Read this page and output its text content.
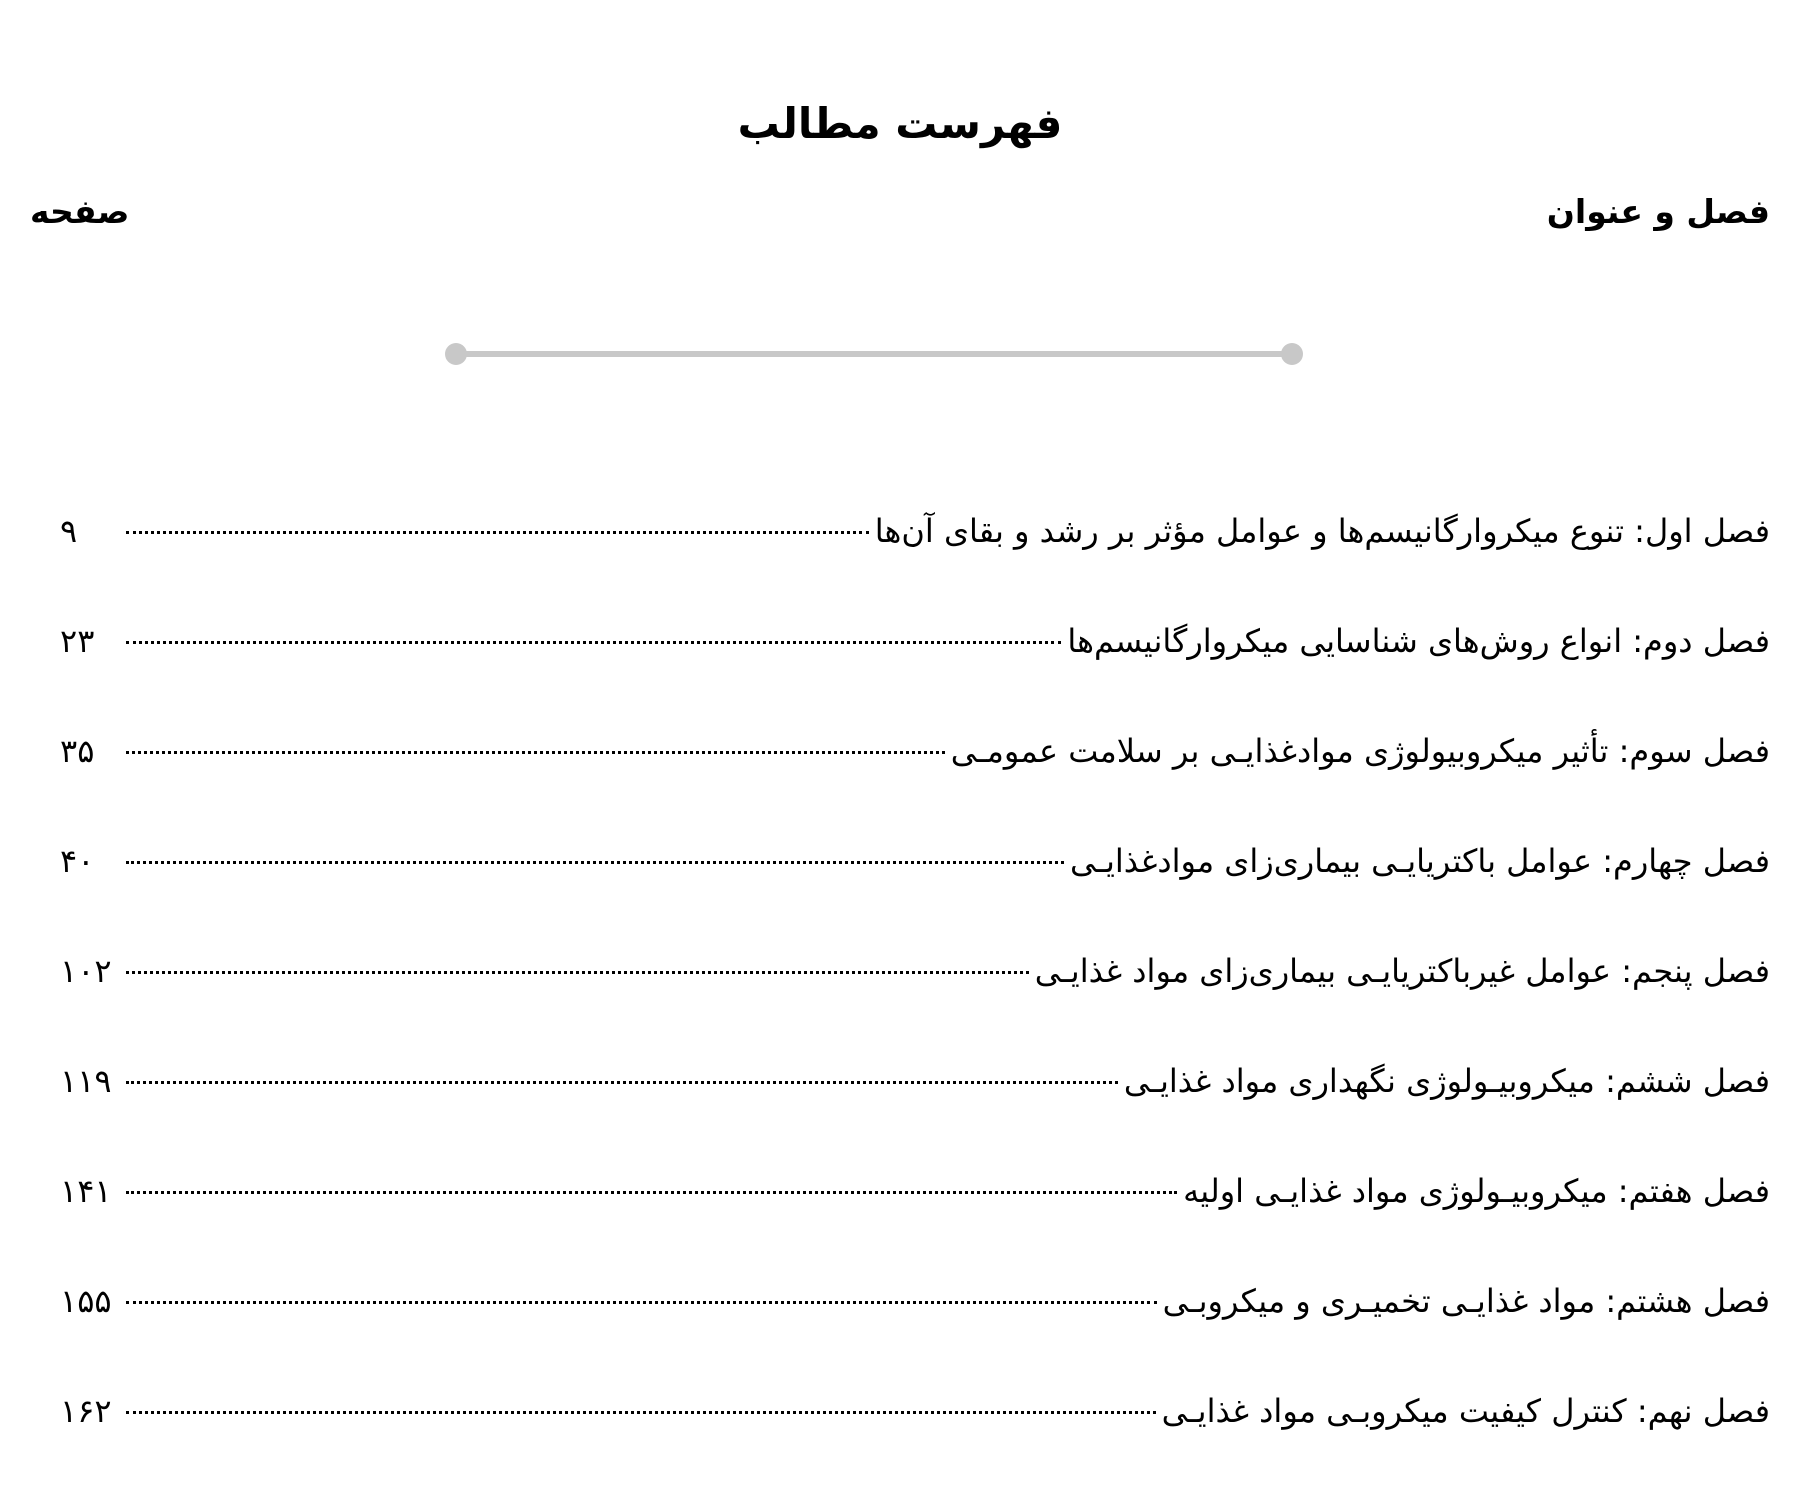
فهرست مطالب
فصل و عنوان
صفحه
فصل اول: تنوع میکروارگانیسم‌ها و عوامل مؤثر بر رشد و بقای آن‌ها
۹
فصل دوم: انواع روش‌های شناسایی میکروارگانیسم‌ها
۲۳
فصل سوم: تأثیر میکروبیولوژی موادغذایـی بر سلامت عمومـی
۳۵
فصل چهارم: عوامل باکتریایـی بیماری‌زای موادغذایـی
۴۰
فصل پنجم: عوامل غیرباکتریایـی بیماری‌زای مواد غذایـی
۱۰۲
فصل ششم: میکروبیـولوژی نگهداری مواد غذایـی
۱۱۹
فصل هفتم: میکروبیـولوژی مواد غذایـی اولیه
۱۴۱
فصل هشتم: مواد غذایـی تخمیـری و میکروبـی
۱۵۵
فصل نهم: کنترل کیفیت میکروبـی مواد غذایـی
۱۶۲
